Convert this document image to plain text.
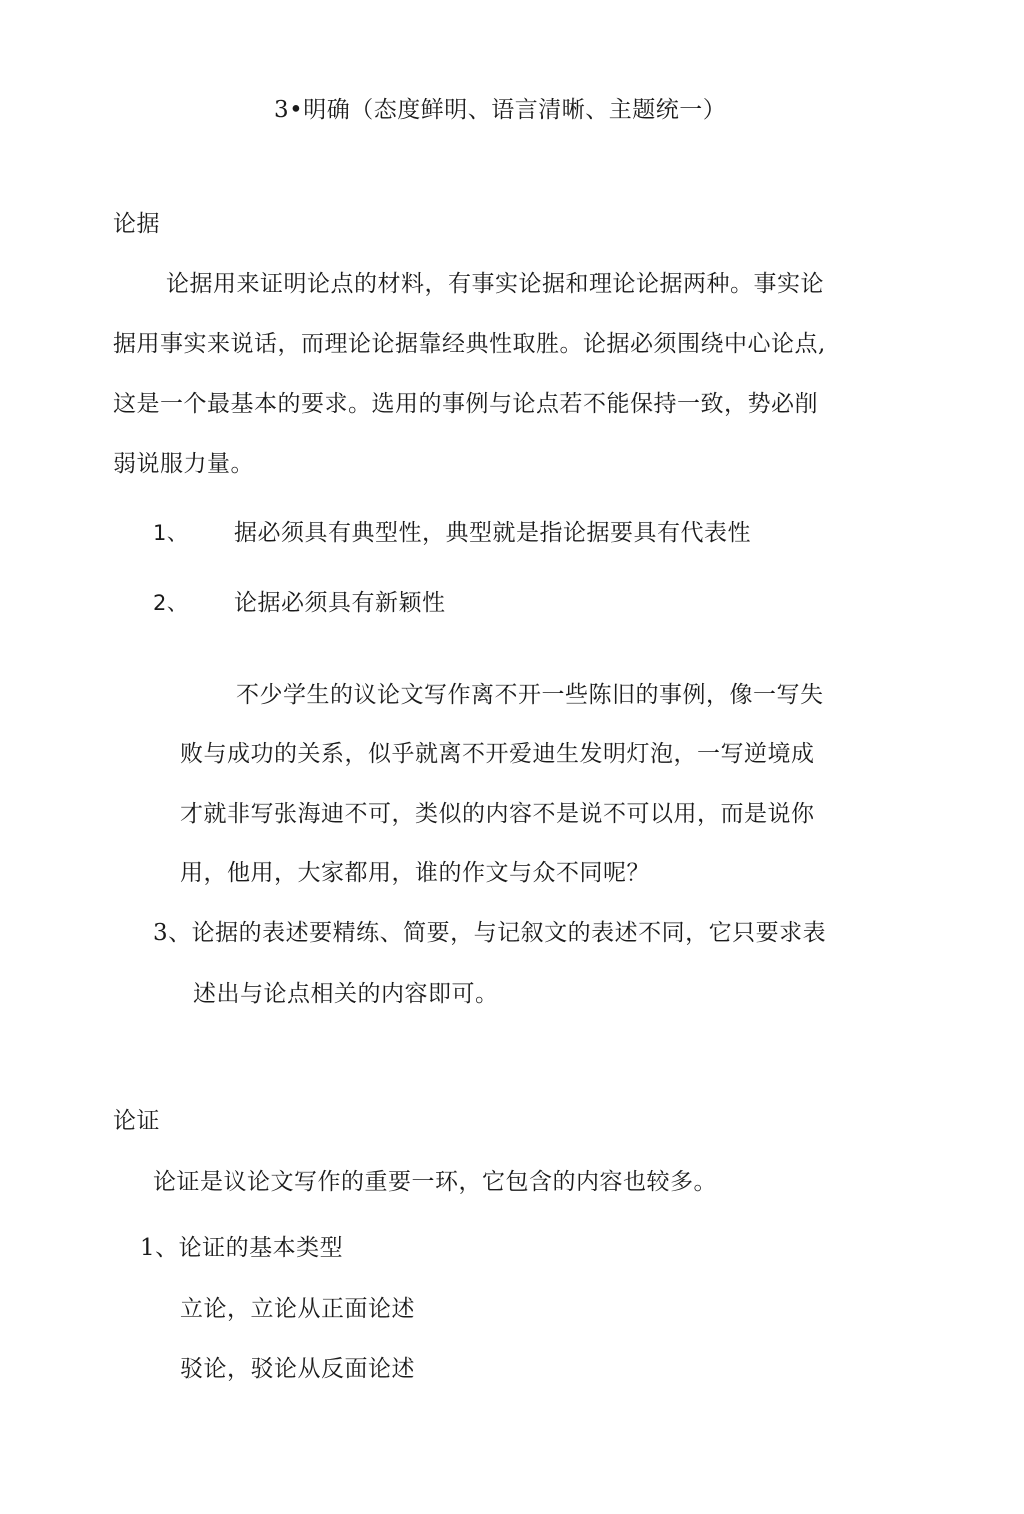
3•明确（态度鲜明、语言清晰、主题统一）

论据

论据用来证明论点的材料，有事实论据和理论论据两种。事实论

据用事实来说话，而理论论据靠经典性取胜。论据必须围绕中心论点,

这是一个最基本的要求。选用的事例与论点若不能保持一致，势必削

弱说服力量。

1、 据必须具有典型性，典型就是指论据要具有代表性

2、 论据必须具有新颖性

不少学生的议论文写作离不开一些陈旧的事例，像一写失

败与成功的关系，似乎就离不开爱迪生发明灯泡，一写逆境成

才就非写张海迪不可，类似的内容不是说不可以用，而是说你

用，他用，大家都用，谁的作文与众不同呢？

3、论据的表述要精练、简要，与记叙文的表述不同，它只要求表

述出与论点相关的内容即可。

论证

论证是议论文写作的重要一环，它包含的内容也较多。

1、论证的基本类型

立论，立论从正面论述

驳论，驳论从反面论述
